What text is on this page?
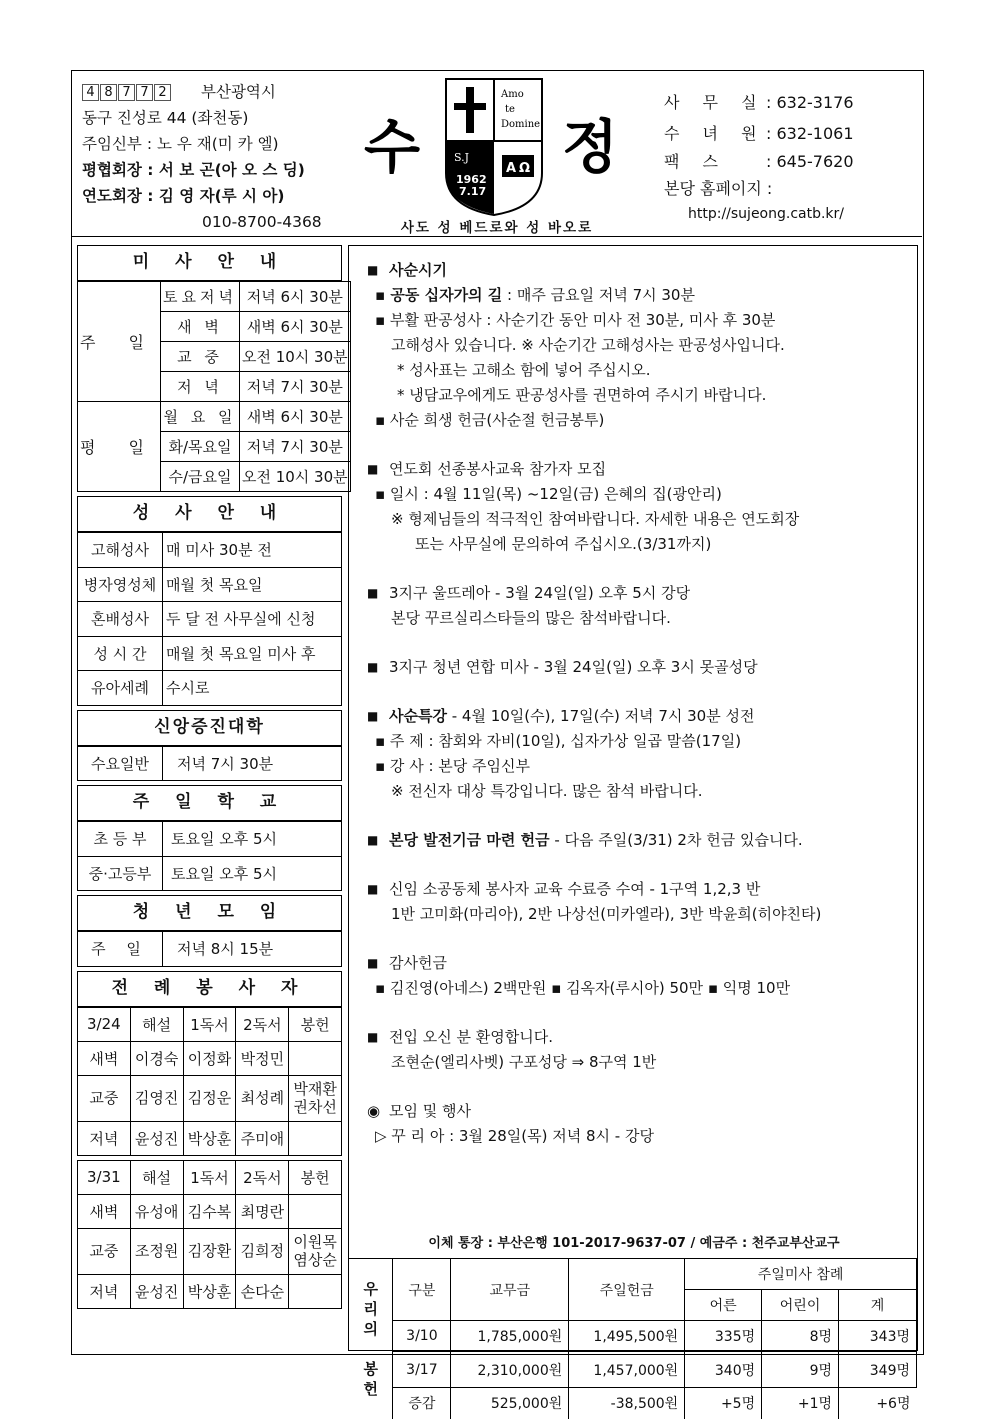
4 8 7 7 2 부산광역시
동구 진성로 44 (좌천동)
주임신부 : 노 우 재(미 카 엘)
평협회장 : 서 보 곤(아 오 스 딩)
연도회장 : 김 영 자(루 시 아)
010-8700-4368
수 정
Amo
te
Domine
S.J
1962
7.17
A Ω
사도 성 베드로와 성 바오로
사 무 실 : 632-3176
수 녀 원 : 632-1061
팩 스	: 645-7620
본당 홈페이지 :
http://sujeong.catb.kr/
미 사 안 내
주 일	토요저녁	저녁 6시 30분
	새 벽	새벽 6시 30분
	교 중	오전 10시 30분
	저 녁	저녁 7시 30분
평 일	월 요 일	새벽 6시 30분
	화/목요일	저녁 7시 30분
	수/금요일	오전 10시 30분
성 사 안 내
고해성사	매 미사 30분 전
병자영성체	매월 첫 목요일
혼배성사	두 달 전 사무실에 신청
성 시 간	매월 첫 목요일 미사 후
유아세례	수시로
신앙증진대학
수요일반	저녁 7시 30분
주 일 학 교
초 등 부	토요일 오후 5시
중·고등부	토요일 오후 5시
청 년 모 임
주 일	저녁 8시 15분
전 례 봉 사 자
3/24	해설	1독서	2독서	봉헌
새벽	이경숙	이정화	박정민	
교중	김영진	김정운	최성례	박재환
권차선
저녁	윤성진	박상훈	주미애	
3/31	해설	1독서	2독서	봉헌
새벽	유성애	김수복	최명란	
교중	조정원	김장환	김희정	이원목
염상순
저녁	윤성진	박상훈	손다순	
■ 사순시기
▪ 공동 십자가의 길 : 매주 금요일 저녁 7시 30분
▪ 부활 판공성사 : 사순기간 동안 미사 전 30분, 미사 후 30분
고해성사 있습니다. ※ 사순기간 고해성사는 판공성사입니다.
* 성사표는 고해소 함에 넣어 주십시오.
* 냉담교우에게도 판공성사를 권면하여 주시기 바랍니다.
▪ 사순 희생 헌금(사순절 헌금봉투)
■ 연도회 선종봉사교육 참가자 모집
▪ 일시 : 4월 11일(목) ~12일(금) 은혜의 집(광안리)
※ 형제님들의 적극적인 참여바랍니다. 자세한 내용은 연도회장
또는 사무실에 문의하여 주십시오.(3/31까지)
■ 3지구 울뜨레아 - 3월 24일(일) 오후 5시 강당
본당 꾸르실리스타들의 많은 참석바랍니다.
■ 3지구 청년 연합 미사 - 3월 24일(일) 오후 3시 못골성당
■ 사순특강 - 4월 10일(수), 17일(수) 저녁 7시 30분 성전
▪ 주 제 : 참회와 자비(10일), 십자가상 일곱 말씀(17일)
▪ 강 사 : 본당 주임신부
※ 전신자 대상 특강입니다. 많은 참석 바랍니다.
■ 본당 발전기금 마련 헌금 - 다음 주일(3/31) 2차 헌금 있습니다.
■ 신임 소공동체 봉사자 교육 수료증 수여 - 1구역 1,2,3 반
1반 고미화(마리아), 2반 나상선(미카엘라), 3반 박윤희(히야친타)
■ 감사헌금
▪ 김진영(아네스) 2백만원 ▪ 김옥자(루시아) 50만 ▪ 익명 10만
■ 전입 오신 분 환영합니다.
조현순(엘리사벳) 구포성당 ⇒ 8구역 1반
◉ 모임 및 행사
▷ 꾸 리 아 : 3월 28일(목) 저녁 8시 - 강당
이체 통장 : 부산은행 101-2017-9637-07 / 예금주 : 천주교부산교구
우
리
의

봉
헌	구분	교무금	주일헌금	주일미사 참례		
				어른	어린이	계
	3/10	1,785,000원	1,495,500원	335명	8명	343명
	3/17	2,310,000원	1,457,000원	340명	9명	349명
	증감	525,000원	-38,500원	+5명	+1명	+6명
